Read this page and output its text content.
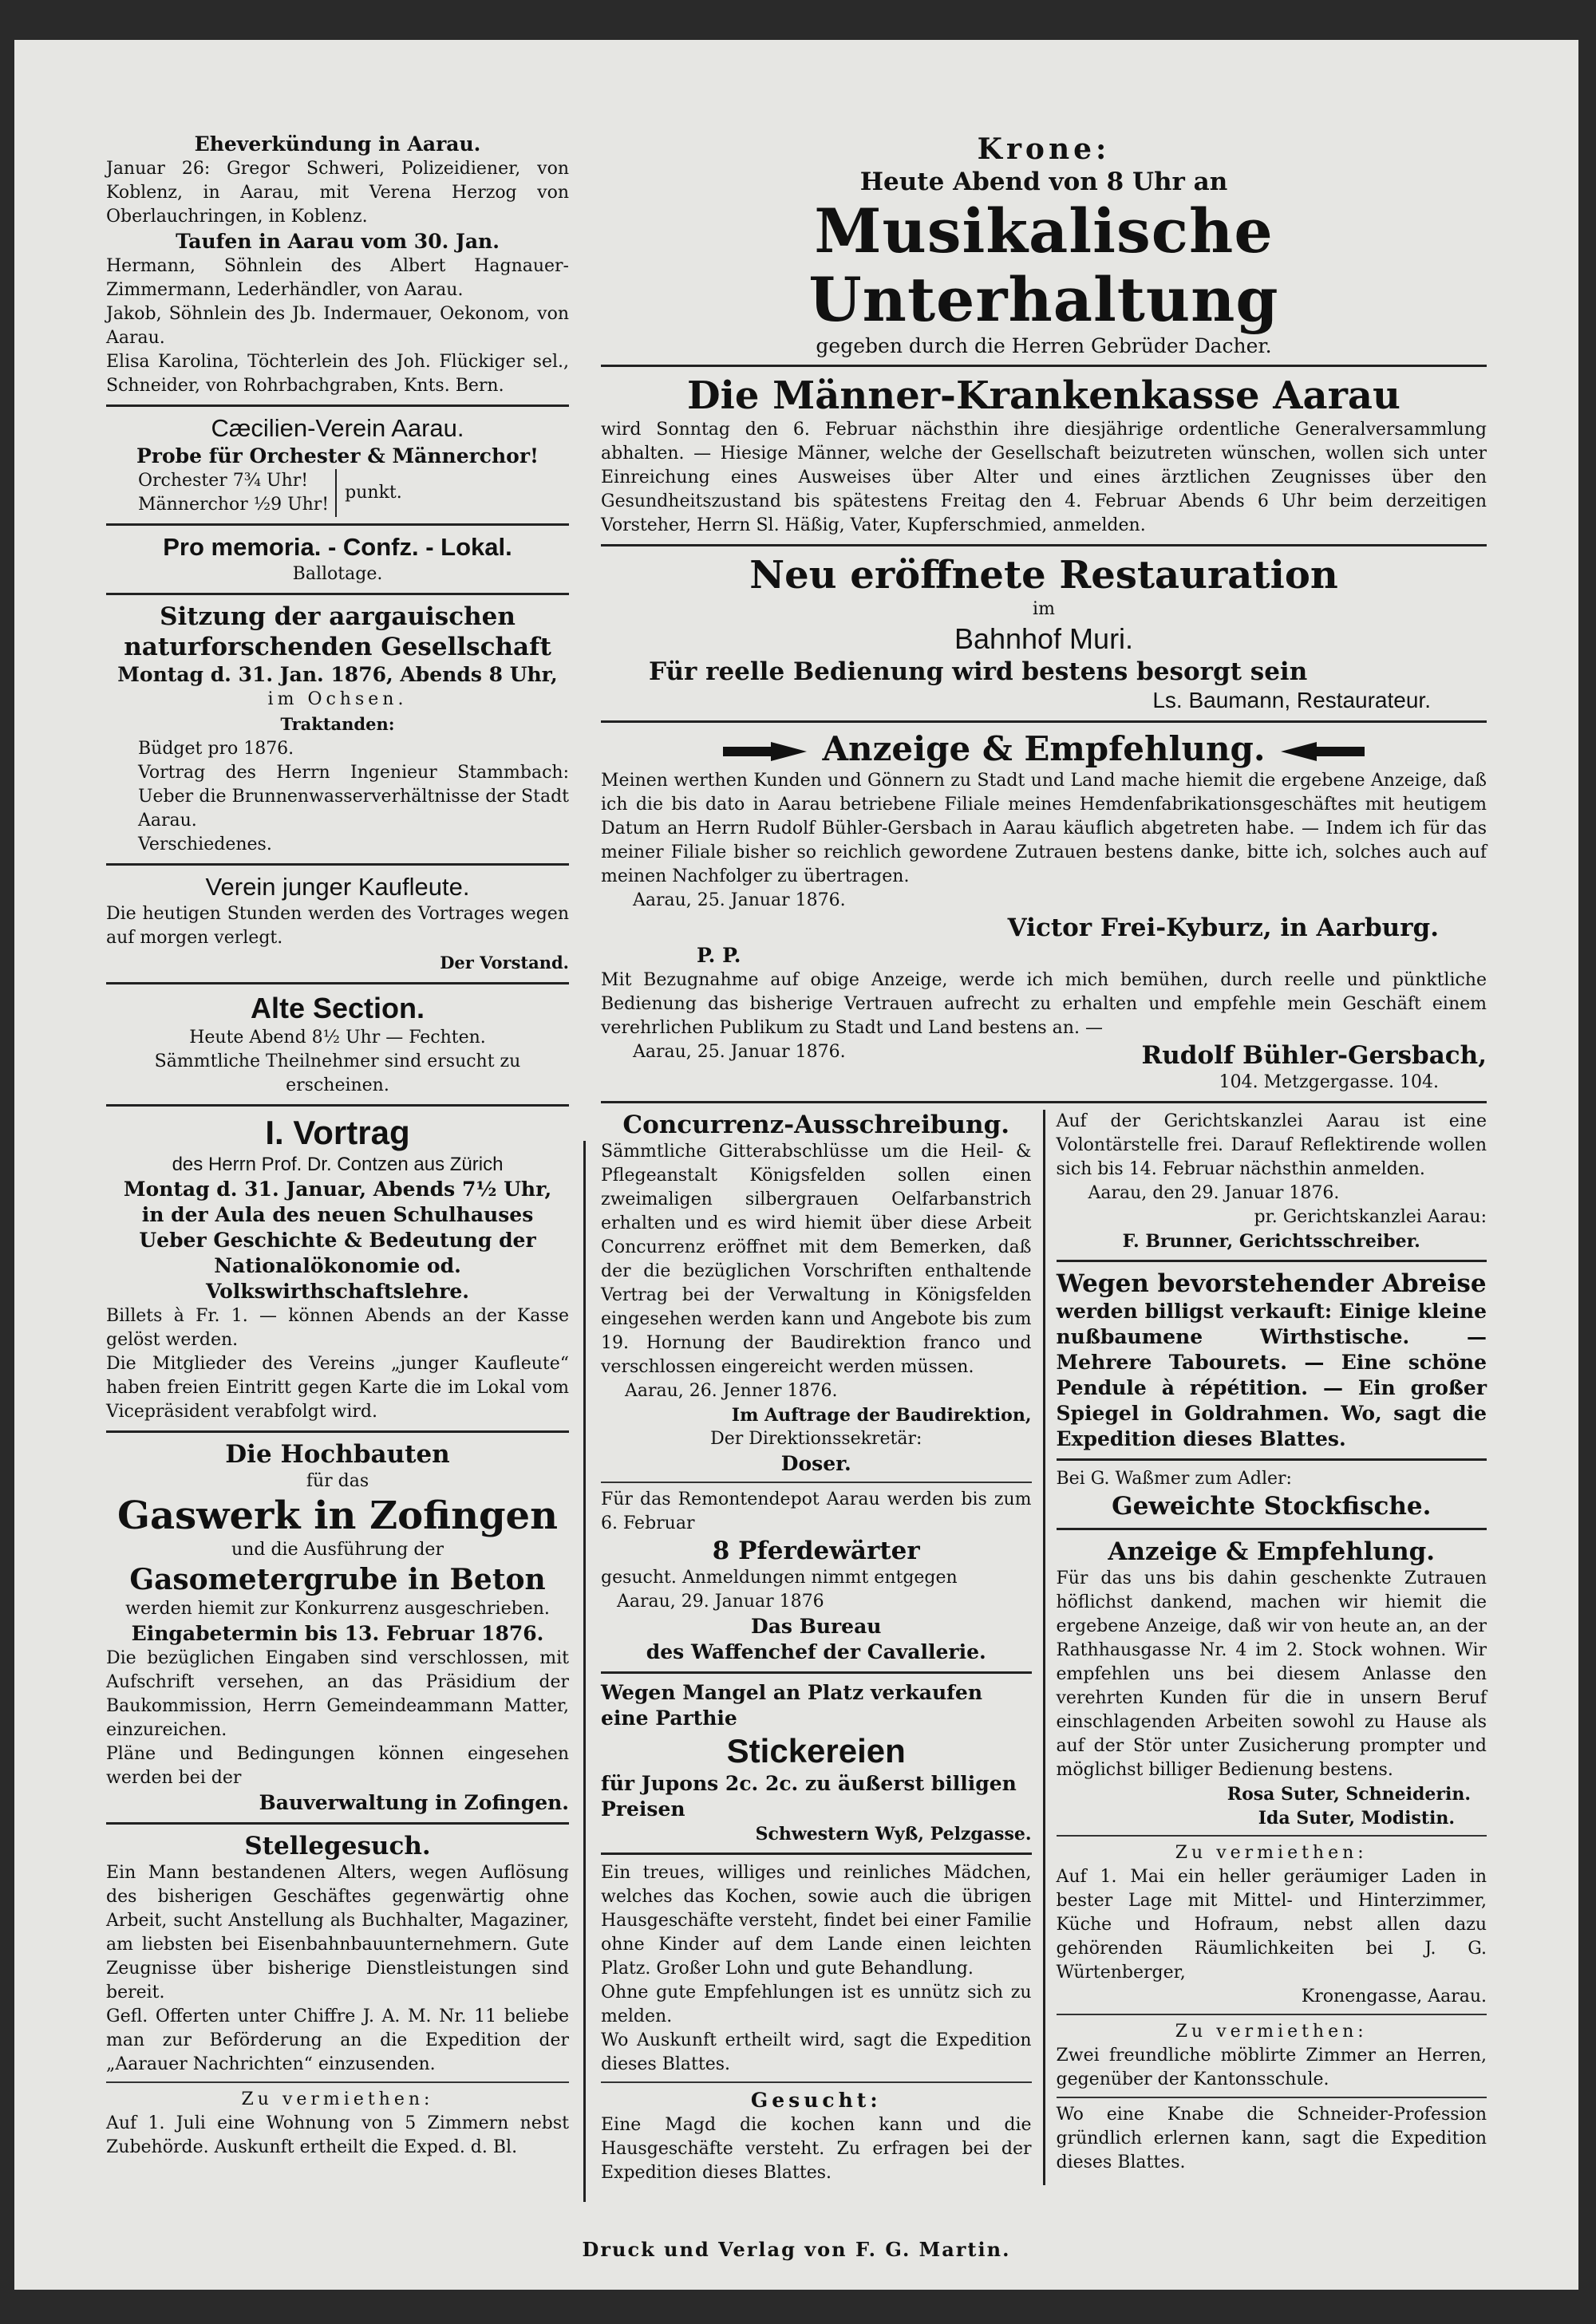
Eheverkündung in Aarau.

Januar 26: Gregor Schweri, Polizeidiener, von Koblenz, in Aarau, mit Verena Herzog von Oberlauchringen, in Koblenz.

Taufen in Aarau vom 30. Jan.

Hermann, Söhnlein des Albert Hagnauer-Zimmermann, Lederhändler, von Aarau.

Jakob, Söhnlein des Jb. Indermauer, Oekonom, von Aarau.

Elisa Karolina, Töchterlein des Joh. Flückiger sel., Schneider, von Rohrbachgraben, Knts. Bern.

Cæcilien-Verein Aarau.

Probe für Orchester & Männerchor!

Orchester 7¾ Uhr!

Männerchor ½9 Uhr!

punkt.

Pro memoria. - Confz. - Lokal.

Ballotage.

Sitzung der aargauischen naturforschenden Gesellschaft

Montag d. 31. Jan. 1876, Abends 8 Uhr,

im Ochsen.

Traktanden:

Büdget pro 1876.

Vortrag des Herrn Ingenieur Stammbach: Ueber die Brunnenwasserverhältnisse der Stadt Aarau.

Verschiedenes.

Verein junger Kaufleute.

Die heutigen Stunden werden des Vortrages wegen auf morgen verlegt.

Der Vorstand.

Alte Section.

Heute Abend 8½ Uhr — Fechten.

Sämmtliche Theilnehmer sind ersucht zu erscheinen.

I. Vortrag

des Herrn Prof. Dr. Contzen aus Zürich

Montag d. 31. Januar, Abends 7½ Uhr,

in der Aula des neuen Schulhauses

Ueber Geschichte & Bedeutung der Nationalökonomie od. Volkswirthschaftslehre.

Billets à Fr. 1. — können Abends an der Kasse gelöst werden.

Die Mitglieder des Vereins „junger Kaufleute“ haben freien Eintritt gegen Karte die im Lokal vom Vicepräsident verabfolgt wird.

Die Hochbauten

für das

Gaswerk in Zofingen

und die Ausführung der

Gasometergrube in Beton

werden hiemit zur Konkurrenz ausgeschrieben.

Eingabetermin bis 13. Februar 1876.

Die bezüglichen Eingaben sind verschlossen, mit Aufschrift versehen, an das Präsidium der Baukommission, Herrn Gemeindeammann Matter, einzureichen.

Pläne und Bedingungen können eingesehen werden bei der

Bauverwaltung in Zofingen.

Stellegesuch.

Ein Mann bestandenen Alters, wegen Auflösung des bisherigen Geschäftes gegenwärtig ohne Arbeit, sucht Anstellung als Buchhalter, Magaziner, am liebsten bei Eisenbahnbauunternehmern. Gute Zeugnisse über bisherige Dienstleistungen sind bereit.

Gefl. Offerten unter Chiffre J. A. M. Nr. 11 beliebe man zur Beförderung an die Expedition der „Aarauer Nachrichten“ einzusenden.

Zu vermiethen:

Auf 1. Juli eine Wohnung von 5 Zimmern nebst Zubehörde. Auskunft ertheilt die Exped. d. Bl.

Krone:

Heute Abend von 8 Uhr an

Musikalische Unterhaltung

gegeben durch die Herren Gebrüder Dacher.

Die Männer-Krankenkasse Aarau

wird Sonntag den 6. Februar nächsthin ihre diesjährige ordentliche Generalversammlung abhalten. — Hiesige Männer, welche der Gesellschaft beizutreten wünschen, wollen sich unter Einreichung eines Ausweises über Alter und eines ärztlichen Zeugnisses über den Gesundheitszustand bis spätestens Freitag den 4. Februar Abends 6 Uhr beim derzeitigen Vorsteher, Herrn Sl. Häßig, Vater, Kupferschmied, anmelden.

Neu eröffnete Restauration

im

Bahnhof Muri.

Für reelle Bedienung wird bestens besorgt sein

Ls. Baumann, Restaurateur.

Anzeige & Empfehlung.

Meinen werthen Kunden und Gönnern zu Stadt und Land mache hiemit die ergebene Anzeige, daß ich die bis dato in Aarau betriebene Filiale meines Hemdenfabrikationsgeschäftes mit heutigem Datum an Herrn Rudolf Bühler-Gersbach in Aarau käuflich abgetreten habe. — Indem ich für das meiner Filiale bisher so reichlich gewordene Zutrauen bestens danke, bitte ich, solches auch auf meinen Nachfolger zu übertragen.

Aarau, 25. Januar 1876.

Victor Frei-Kyburz, in Aarburg.

P. P.

Mit Bezugnahme auf obige Anzeige, werde ich mich bemühen, durch reelle und pünktliche Bedienung das bisherige Vertrauen aufrecht zu erhalten und empfehle mein Geschäft einem verehrlichen Publikum zu Stadt und Land bestens an. —

Aarau, 25. Januar 1876.	Rudolf Bühler-Gersbach,

104. Metzgergasse. 104.

Concurrenz-Ausschreibung.

Sämmtliche Gitterabschlüsse um die Heil- & Pflegeanstalt Königsfelden sollen einen zweimaligen silbergrauen Oelfarbanstrich erhalten und es wird hiemit über diese Arbeit Concurrenz eröffnet mit dem Bemerken, daß der die bezüglichen Vorschriften enthaltende Vertrag bei der Verwaltung in Königsfelden eingesehen werden kann und Angebote bis zum 19. Hornung der Baudirektion franco und verschlossen eingereicht werden müssen.

Aarau, 26. Jenner 1876.

Im Auftrage der Baudirektion,

Der Direktionssekretär:

Doser.

Für das Remontendepot Aarau werden bis zum 6. Februar

8 Pferdewärter

gesucht. Anmeldungen nimmt entgegen

Aarau, 29. Januar 1876

Das Bureau

des Waffenchef der Cavallerie.

Wegen Mangel an Platz verkaufen eine Parthie

Stickereien

für Jupons 2c. 2c. zu äußerst billigen Preisen

Schwestern Wyß, Pelzgasse.

Ein treues, williges und reinliches Mädchen, welches das Kochen, sowie auch die übrigen Hausgeschäfte versteht, findet bei einer Familie ohne Kinder auf dem Lande einen leichten Platz. Großer Lohn und gute Behandlung.

Ohne gute Empfehlungen ist es unnütz sich zu melden.

Wo Auskunft ertheilt wird, sagt die Expedition dieses Blattes.

Gesucht:

Eine Magd die kochen kann und die Hausgeschäfte versteht. Zu erfragen bei der Expedition dieses Blattes.

Auf der Gerichtskanzlei Aarau ist eine Volontärstelle frei. Darauf Reflektirende wollen sich bis 14. Februar nächsthin anmelden.

Aarau, den 29. Januar 1876.

pr. Gerichtskanzlei Aarau:

F. Brunner, Gerichtsschreiber.

Wegen bevorstehender Abreise

werden billigst verkauft: Einige kleine nußbaumene Wirthstische. — Mehrere Tabourets. — Eine schöne Pendule à répétition. — Ein großer Spiegel in Goldrahmen. Wo, sagt die Expedition dieses Blattes.

Bei G. Waßmer zum Adler:

Geweichte Stockfische.

Anzeige & Empfehlung.

Für das uns bis dahin geschenkte Zutrauen höflichst dankend, machen wir hiemit die ergebene Anzeige, daß wir von heute an, an der Rathhausgasse Nr. 4 im 2. Stock wohnen. Wir empfehlen uns bei diesem Anlasse den verehrten Kunden für die in unsern Beruf einschlagenden Arbeiten sowohl zu Hause als auf der Stör unter Zusicherung prompter und möglichst billiger Bedienung bestens.

Rosa Suter, Schneiderin.

Ida Suter, Modistin.

Zu vermiethen:

Auf 1. Mai ein heller geräumiger Laden in bester Lage mit Mittel- und Hinterzimmer, Küche und Hofraum, nebst allen dazu gehörenden Räumlichkeiten bei J. G. Würtenberger,

Kronengasse, Aarau.

Zu vermiethen:

Zwei freundliche möblirte Zimmer an Herren, gegenüber der Kantonsschule.

Wo eine Knabe die Schneider-Profession gründlich erlernen kann, sagt die Expedition dieses Blattes.

Druck und Verlag von F. G. Martin.
